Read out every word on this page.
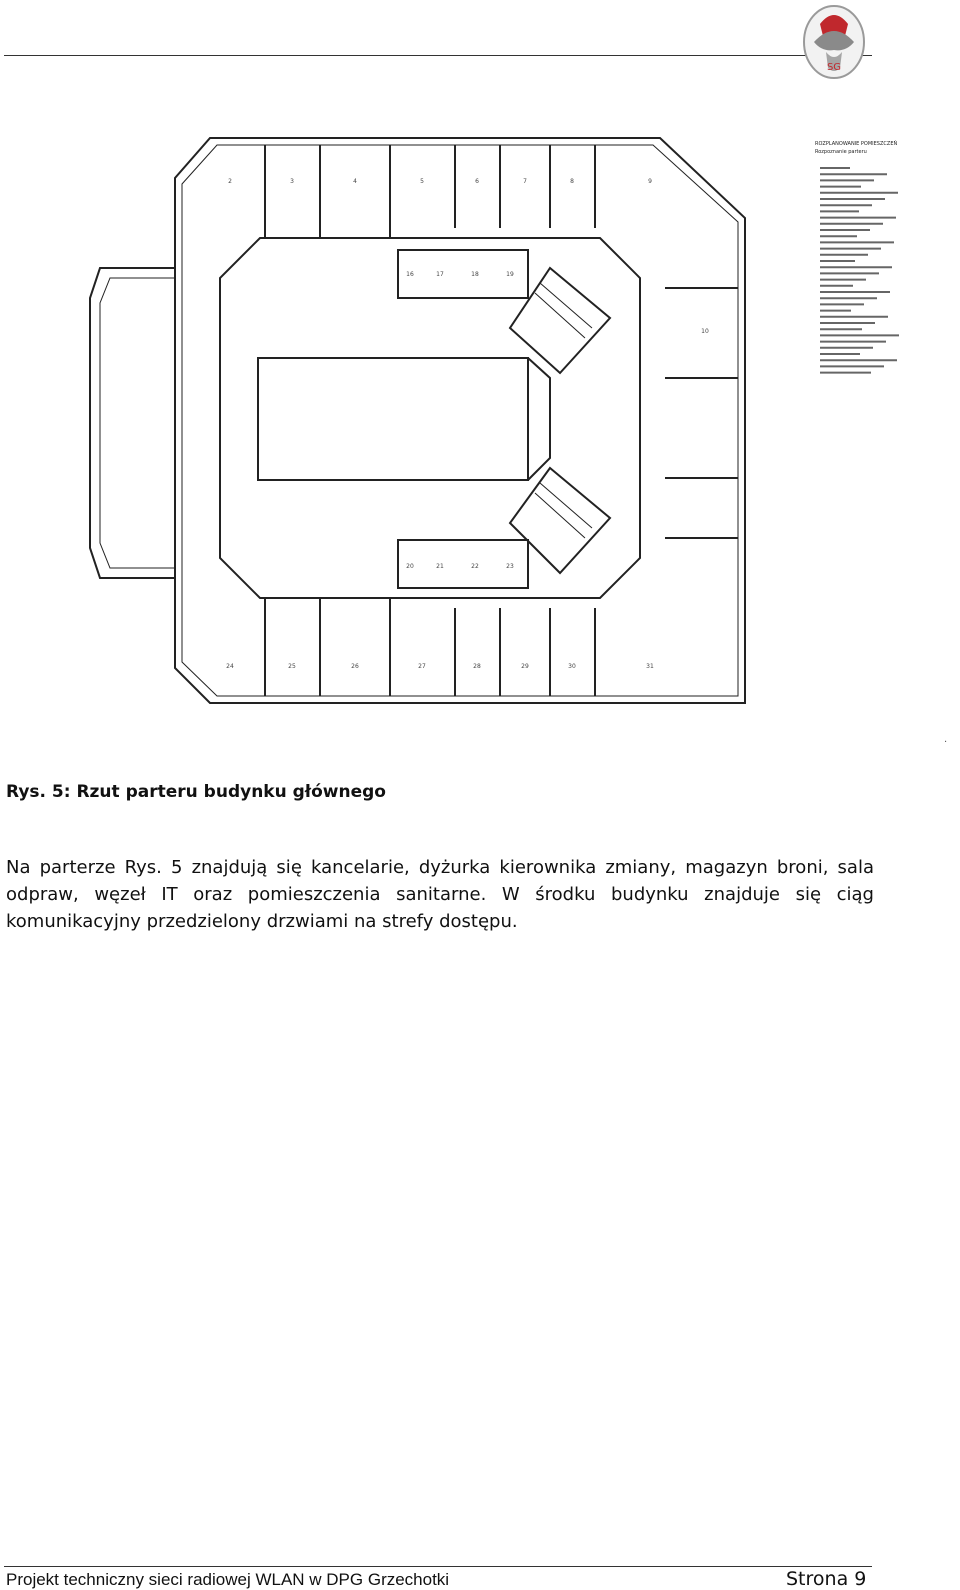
SG
2	3	4	5	6	7	8	9
10
24	25	26	27	28	29	30	31
16	17	18	19
20	21	22	23
ROZPLANOWANIE POMIESZCZEŃ
Rozpoznanie parteru
Rys. 5: Rzut parteru budynku głównego
.
Na parterze Rys. 5 znajdują się kancelarie, dyżurka kierownika zmiany, magazyn broni, sala odpraw, węzeł IT oraz pomieszczenia sanitarne. W środku budynku znajduje się ciąg komunikacyjny przedzielony drzwiami na strefy dostępu.
Projekt techniczny sieci radiowej WLAN w DPG Grzechotki	Strona 9
